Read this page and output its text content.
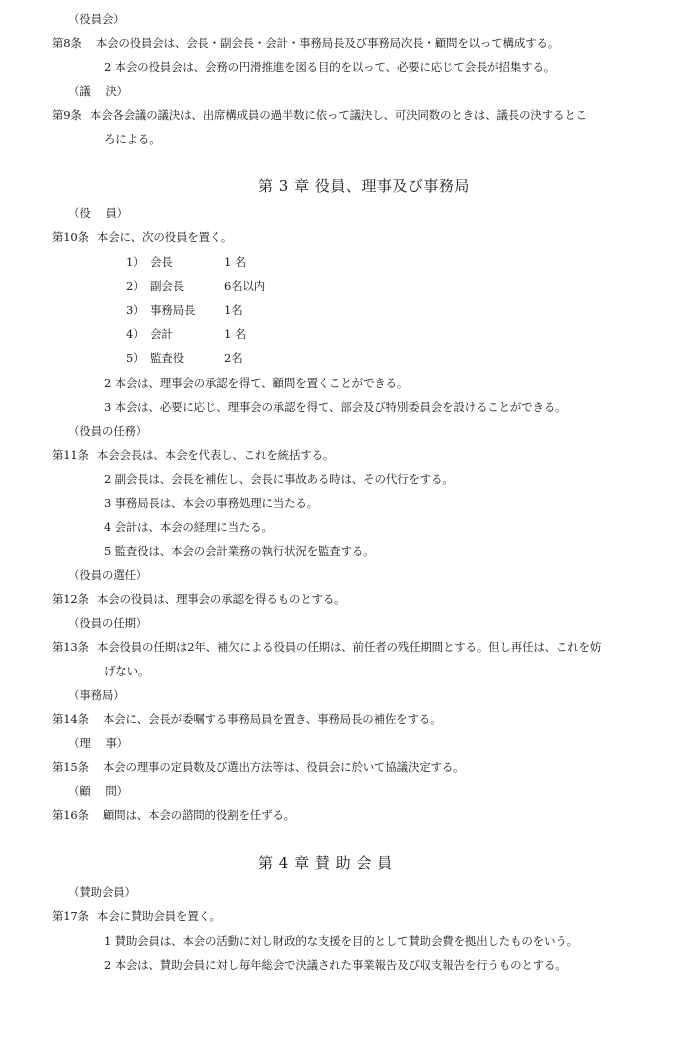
（役員会）
第8条 本会の役員会は、会長・副会長・会計・事務局長及び事務局次長・顧問を以って構成する。
2 本会の役員会は、会務の円滑推進を図る目的を以って、必要に応じて会長が招集する。
（議　 決）
第9条 本会各会議の議決は、出席構成員の過半数に依って議決し、可決同数のときは、議長の決するとこ
ろによる。
第 3 章 役員、理事及び事務局
（役　 員）
第10条 本会に、次の役員を置く。
1） 会長	1 名
2） 副会長	6名以内
3） 事務局長	1名
4） 会計	1 名
5） 監査役	2名
2 本会は、理事会の承認を得て、顧問を置くことができる。
3 本会は、必要に応じ、理事会の承認を得て、部会及び特別委員会を設けることができる。
（役員の任務）
第11条 本会会長は、本会を代表し、これを統括する。
2 副会長は、会長を補佐し、会長に事故ある時は、その代行をする。
3 事務局長は、本会の事務処理に当たる。
4 会計は、本会の経理に当たる。
5 監査役は、本会の会計業務の執行状況を監査する。
（役員の選任）
第12条 本会の役員は、理事会の承認を得るものとする。
（役員の任期）
第13条 本会役員の任期は2年、補欠による役員の任期は、前任者の残任期間とする。但し再任は、これを妨
げない。
（事務局）
第14条 本会に、会長が委嘱する事務局員を置き、事務局長の補佐をする。
（理　 事）
第15条 本会の理事の定員数及び選出方法等は、役員会に於いて協議決定する。
（顧　 問）
第16条 顧問は、本会の諮問的役割を任ずる。
第 4 章 賛 助 会 員
（賛助会員）
第17条 本会に賛助会員を置く。
1 賛助会員は、本会の活動に対し財政的な支援を目的として賛助会費を拠出したものをいう。
2 本会は、賛助会員に対し毎年総会で決議された事業報告及び収支報告を行うものとする。
